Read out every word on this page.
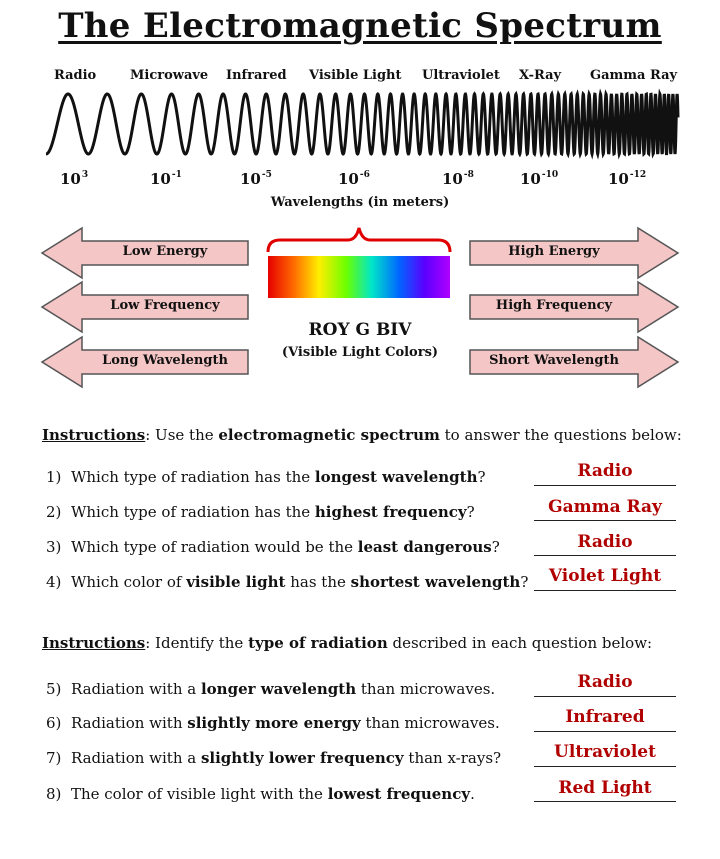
The Electromagnetic Spectrum
Radio	Microwave Infrared Visible Light Ultraviolet X-Ray Gamma Ray
$10^3$	$10^{-1}$	$10^{-5}$	$10^{-6}$	$10^{-8}$	$10^{-10}$	$10^{-12}$
Wavelengths (in meters)
Low Energy
Low Frequency
Long Wavelength
High Energy
High Frequency
Short Wavelength
ROY G BIV
(Visible Light Colors)
Instructions: Use the electromagnetic spectrum to answer the questions below:
1) Which type of radiation has the longest wavelength?	Radio
2) Which type of radiation has the highest frequency?	Gamma Ray
3) Which type of radiation would be the least dangerous?	Radio
4) Which color of visible light has the shortest wavelength?	Violet Light
Instructions: Identify the type of radiation described in each question below:
5) Radiation with a longer wavelength than microwaves.	Radio
6) Radiation with slightly more energy than microwaves.	Infrared
7) Radiation with a slightly lower frequency than x-rays?	Ultraviolet
8) The color of visible light with the lowest frequency.	Red Light
